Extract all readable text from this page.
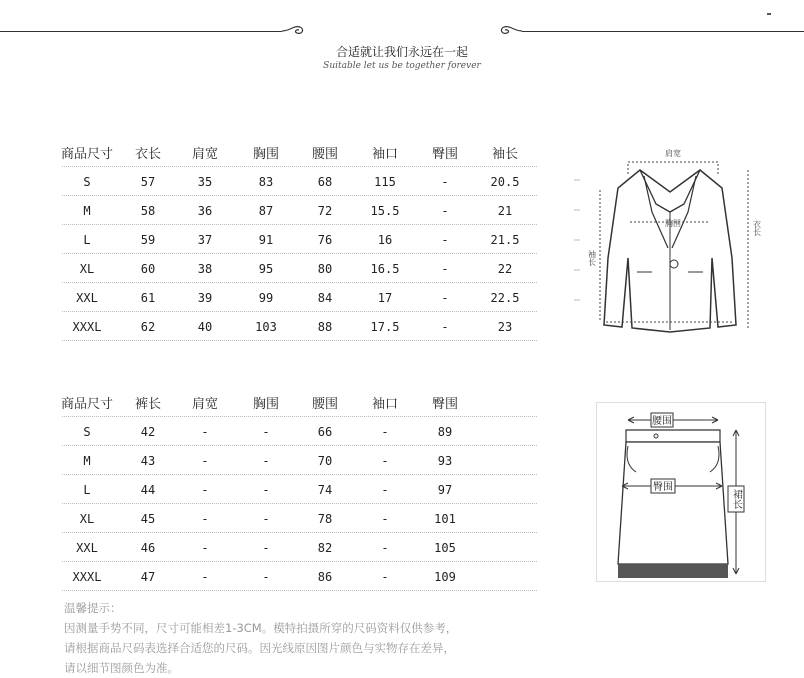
合适就让我们永远在一起
Suitable let us be together forever
商品尺寸	衣长	肩宽	胸围	腰围	袖口	臀围	袖长
S	57	35	83	68	115	-	20.5
M	58	36	87	72	15.5	-	21
L	59	37	91	76	16	-	21.5
XL	60	38	95	80	16.5	-	22
XXL	61	39	99	84	17	-	22.5
XXXL	62	40	103	88	17.5	-	23
商品尺寸	裤长	肩宽	胸围	腰围	袖口	臀围
S	42	-	-	66	-	89
M	43	-	-	70	-	93
L	44	-	-	74	-	97
XL	45	-	-	78	-	101
XXL	46	-	-	82	-	105
XXXL	47	-	-	86	-	109
肩宽
胸围
袖长
衣长
腰围
臀围
裙长
温馨提示：
因测量手势不同，尺寸可能相差1-3CM。模特拍摄所穿的尺码资料仅供参考，
请根据商品尺码表选择合适您的尺码。因光线原因图片颜色与实物存在差异，
请以细节图颜色为准。
